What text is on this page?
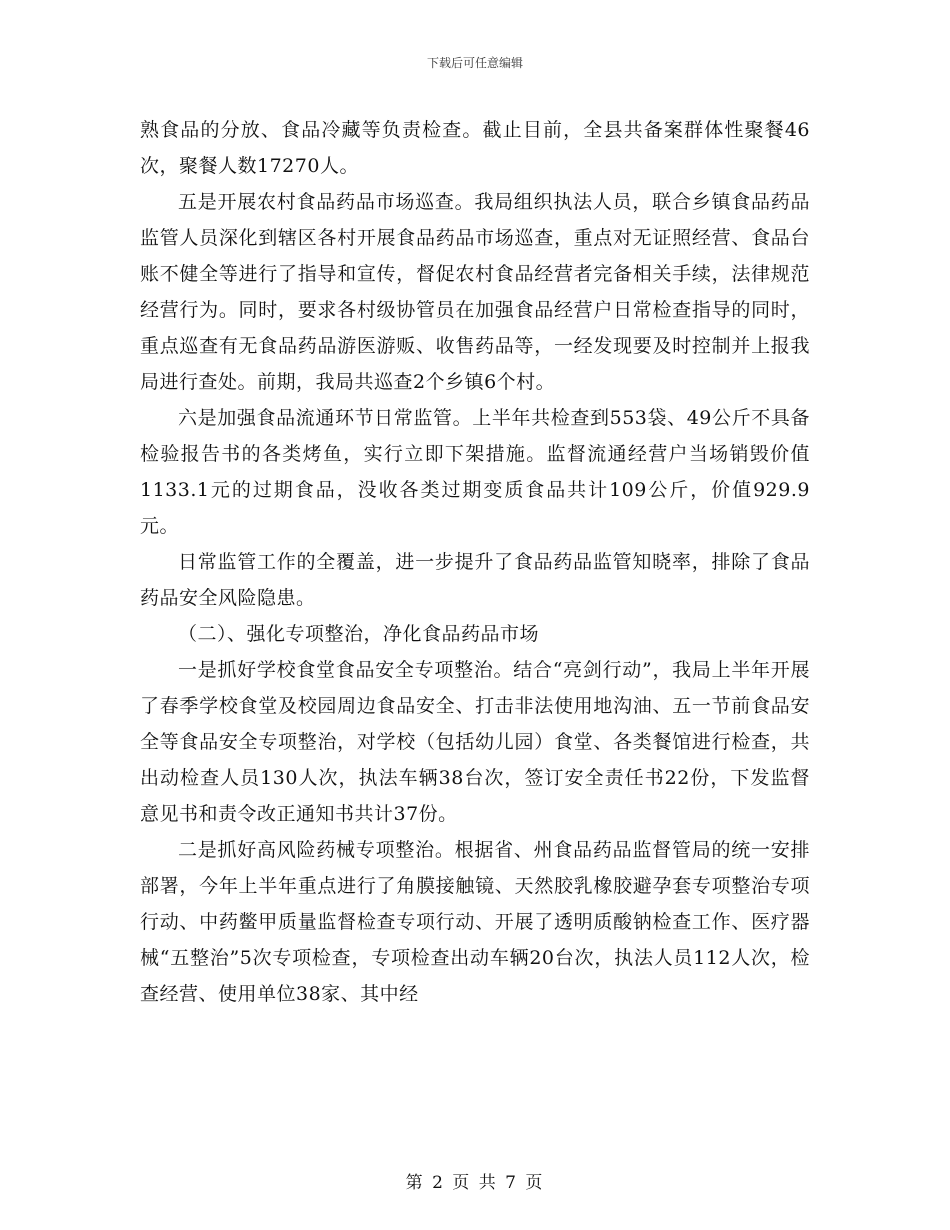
下载后可任意编辑

熟食品的分放、食品冷藏等负责检查。截止目前，全县共备案群体性聚餐46次，聚餐人数17270人。

五是开展农村食品药品市场巡查。我局组织执法人员，联合乡镇食品药品监管人员深化到辖区各村开展食品药品市场巡查，重点对无证照经营、食品台账不健全等进行了指导和宣传，督促农村食品经营者完备相关手续，法律规范经营行为。同时，要求各村级协管员在加强食品经营户日常检查指导的同时，重点巡查有无食品药品游医游贩、收售药品等，一经发现要及时控制并上报我局进行查处。前期，我局共巡查2个乡镇6个村。

六是加强食品流通环节日常监管。上半年共检查到553袋、49公斤不具备检验报告书的各类烤鱼，实行立即下架措施。监督流通经营户当场销毁价值1133.1元的过期食品，没收各类过期变质食品共计109公斤，价值929.9元。

日常监管工作的全覆盖，进一步提升了食品药品监管知晓率，排除了食品药品安全风险隐患。

（二）、强化专项整治，净化食品药品市场

一是抓好学校食堂食品安全专项整治。结合“亮剑行动”，我局上半年开展了春季学校食堂及校园周边食品安全、打击非法使用地沟油、五一节前食品安全等食品安全专项整治，对学校（包括幼儿园）食堂、各类餐馆进行检查，共出动检查人员130人次，执法车辆38台次，签订安全责任书22份，下发监督意见书和责令改正通知书共计37份。

二是抓好高风险药械专项整治。根据省、州食品药品监督管局的统一安排部署，今年上半年重点进行了角膜接触镜、天然胶乳橡胶避孕套专项整治专项行动、中药鳖甲质量监督检查专项行动、开展了透明质酸钠检查工作、医疗器械“五整治”5次专项检查，专项检查出动车辆20台次，执法人员112人次，检查经营、使用单位38家、其中经

第 2 页 共 7 页
